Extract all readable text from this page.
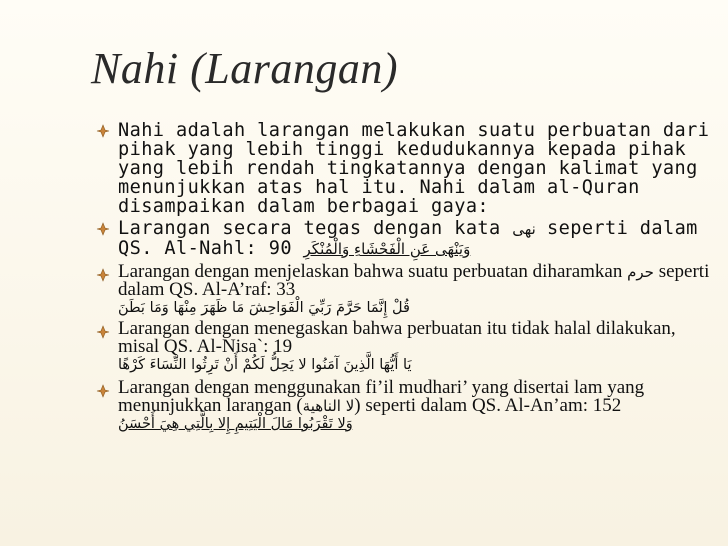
Nahi (Larangan)
Nahi adalah larangan melakukan suatu perbuatan dari pihak yang lebih tinggi kedudukannya kepada pihak yang lebih rendah tingkatannya dengan kalimat yang menunjukkan atas hal itu. Nahi dalam al-Quran disampaikan dalam berbagai gaya:
Larangan secara tegas dengan kata نهى seperti dalam
QS. Al-Nahl: 90 وَيَنْهَى عَنِ الْفَحْشَاءِ وَالْمُنْكَرِ
Larangan dengan menjelaskan bahwa suatu perbuatan diharamkan حرم seperti dalam QS. Al-A’raf: 33
قُلْ إِنَّمَا حَرَّمَ رَبِّيَ الْفَوَاحِشَ مَا ظَهَرَ مِنْهَا وَمَا بَطَنَ
Larangan dengan menegaskan bahwa perbuatan itu tidak halal dilakukan, misal QS. Al-Nisa`: 19
يَا أَيُّهَا الَّذِينَ آمَنُوا لا يَحِلُّ لَكُمْ أَنْ تَرِثُوا النِّسَاءَ كَرْهًا
Larangan dengan menggunakan fi’il mudhari’ yang disertai lam yang menunjukkan larangan (لا الناهية) seperti dalam QS. Al-An’am: 152
وَلا تَقْرَبُوا مَالَ الْيَتِيمِ إِلا بِالَّتِي هِيَ أَحْسَنُ
